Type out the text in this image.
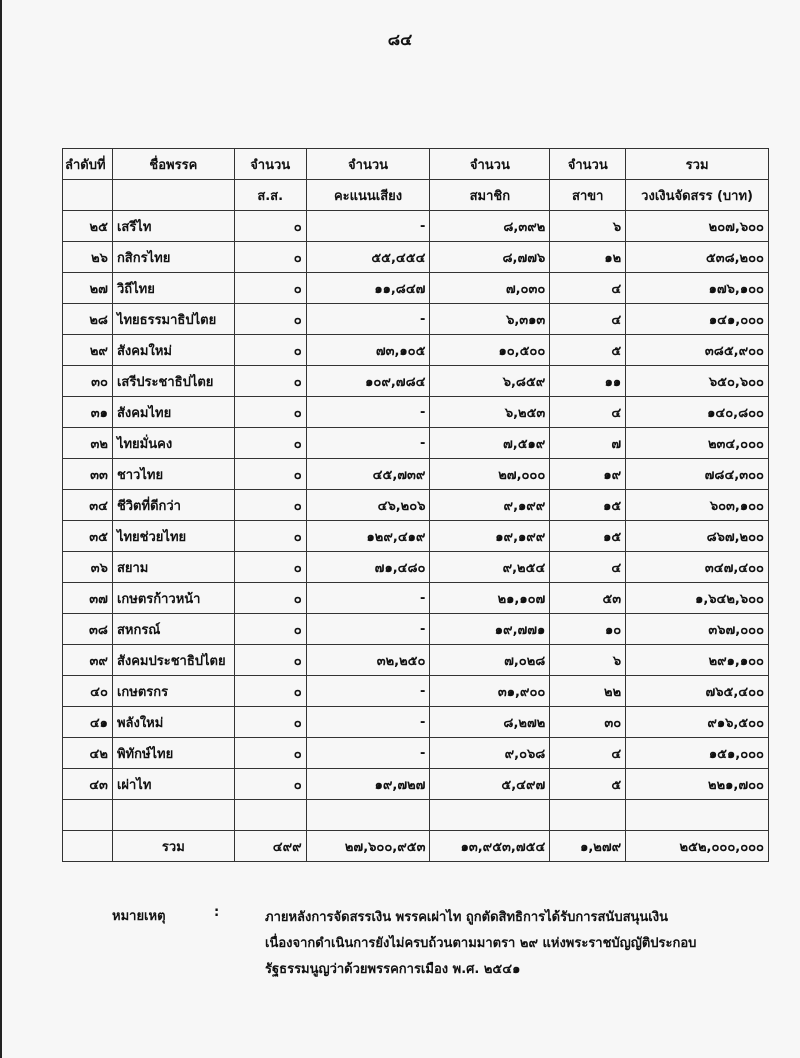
๘๔
ลำดับที่	ชื่อพรรค	จำนวน	จำนวน	จำนวน	จำนวน	รวม
		ส.ส.	คะแนนเสียง	สมาชิก	สาขา	วงเงินจัดสรร (บาท)
๒๕	เสรีไท	๐	-	๘,๓๙๒	๖	๒๐๗,๖๐๐
๒๖	กสิกรไทย	๐	๕๕,๔๕๔	๘,๗๗๖	๑๒	๕๓๘,๒๐๐
๒๗	วิถีไทย	๐	๑๑,๘๔๗	๗,๐๓๐	๔	๑๗๖,๑๐๐
๒๘	ไทยธรรมาธิปไตย	๐	-	๖,๓๑๓	๔	๑๔๑,๐๐๐
๒๙	สังคมใหม่	๐	๗๓,๑๐๕	๑๐,๕๐๐	๕	๓๘๕,๙๐๐
๓๐	เสรีประชาธิปไตย	๐	๑๐๙,๗๘๔	๖,๘๕๙	๑๑	๖๕๐,๖๐๐
๓๑	สังคมไทย	๐	-	๖,๒๕๓	๔	๑๔๐,๘๐๐
๓๒	ไทยมั่นคง	๐	-	๗,๕๑๙	๗	๒๓๔,๐๐๐
๓๓	ชาวไทย	๐	๔๕,๗๓๙	๒๗,๐๐๐	๑๙	๗๘๔,๓๐๐
๓๔	ชีวิตที่ดีกว่า	๐	๔๖,๒๐๖	๙,๑๙๙	๑๕	๖๐๓,๑๐๐
๓๕	ไทยช่วยไทย	๐	๑๒๙,๔๑๙	๑๙,๑๙๙	๑๕	๘๖๗,๒๐๐
๓๖	สยาม	๐	๗๑,๔๘๐	๙,๒๕๔	๔	๓๔๗,๔๐๐
๓๗	เกษตรก้าวหน้า	๐	-	๒๑,๑๐๗	๕๓	๑,๖๔๒,๖๐๐
๓๘	สหกรณ์	๐	-	๑๙,๗๗๑	๑๐	๓๖๗,๐๐๐
๓๙	สังคมประชาธิปไตย	๐	๓๒,๒๕๐	๗,๐๒๘	๖	๒๙๑,๑๐๐
๔๐	เกษตรกร	๐	-	๓๑,๙๐๐	๒๒	๗๖๕,๔๐๐
๔๑	พลังใหม่	๐	-	๘,๒๗๒	๓๐	๙๑๖,๕๐๐
๔๒	พิทักษ์ไทย	๐	-	๙,๐๖๘	๔	๑๕๑,๐๐๐
๔๓	เผ่าไท	๐	๑๙,๗๒๗	๕,๔๙๗	๕	๒๒๑,๗๐๐

	รวม	๔๙๙	๒๗,๖๐๐,๙๕๓	๑๓,๙๕๓,๗๕๔	๑,๒๗๙	๒๕๒,๐๐๐,๐๐๐
หมายเหตุ	:	ภายหลังการจัดสรรเงิน พรรคเผ่าไท ถูกตัดสิทธิการได้รับการสนับสนุนเงิน
เนื่องจากดำเนินการยังไม่ครบถ้วนตามมาตรา ๒๙ แห่งพระราชบัญญัติประกอบ
รัฐธรรมนูญว่าด้วยพรรคการเมือง พ.ศ. ๒๕๔๑
